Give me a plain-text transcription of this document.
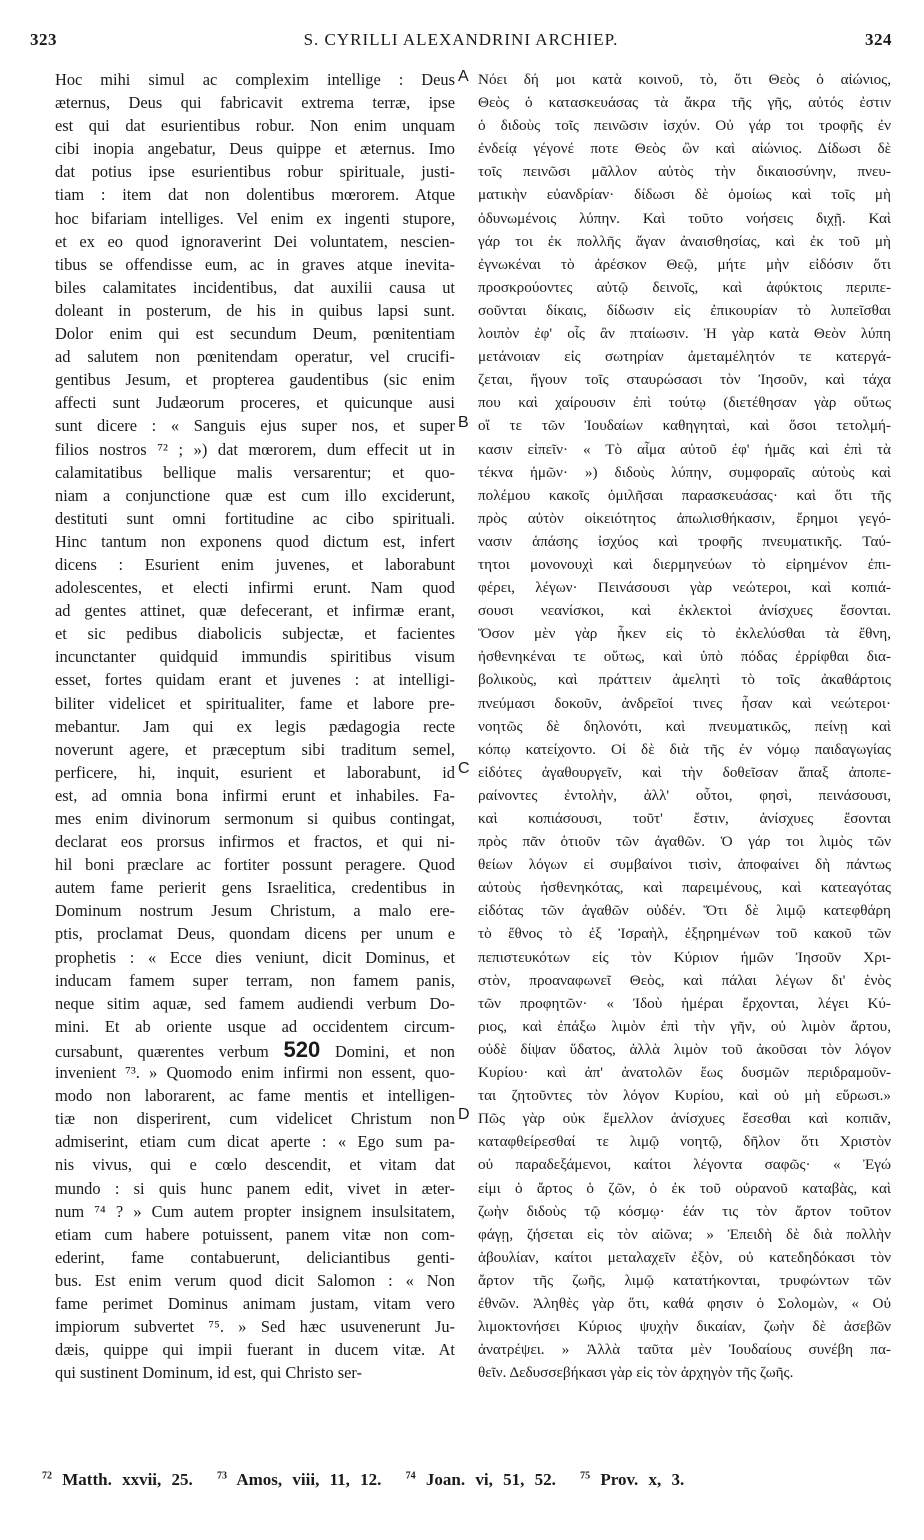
323	S. CYRILLI ALEXANDRINI ARCHIEP.	324
Hoc mihi simul ac complexim intellige : Deus
æternus, Deus qui fabricavit extrema terræ, ipse
est qui dat esurientibus robur. Non enim unquam
cibi inopia angebatur, Deus quippe et æternus. Imo
dat potius ipse esurientibus robur spirituale, justi-
tiam : item dat non dolentibus mœrorem. Atque
hoc bifariam intelliges. Vel enim ex ingenti stupore,
et ex eo quod ignoraverint Dei voluntatem, nescien-
tibus se offendisse eum, ac in graves atque inevita-
biles calamitates incidentibus, dat auxilii causa ut
doleant in posterum, de his in quibus lapsi sunt.
Dolor enim qui est secundum Deum, pœnitentiam
ad salutem non pœnitendam operatur, vel crucifi-
gentibus Jesum, et propterea gaudentibus (sic enim
affecti sunt Judæorum proceres, et quicunque ausi
sunt dicere : « Sanguis ejus super nos, et super
filios nostros ⁷² ; ») dat mœrorem, dum effecit ut in
calamitatibus bellique malis versarentur; et quo-
niam a conjunctione quæ est cum illo exciderunt,
destituti sunt omni fortitudine ac cibo spirituali.
Hinc tantum non exponens quod dictum est, infert
dicens : Esurient enim juvenes, et laborabunt
adolescentes, et electi infirmi erunt. Nam quod
ad gentes attinet, quæ defecerant, et infirmæ erant,
et sic pedibus diabolicis subjectæ, et facientes
incunctanter quidquid immundis spiritibus visum
esset, fortes quidam erant et juvenes : at intelligi-
biliter videlicet et spiritualiter, fame et labore pre-
mebantur. Jam qui ex legis pædagogia recte
noverunt agere, et præceptum sibi traditum semel,
perficere, hi, inquit, esurient et laborabunt, id
est, ad omnia bona infirmi erunt et inhabiles. Fa-
mes enim divinorum sermonum si quibus contingat,
declarat eos prorsus infirmos et fractos, et qui ni-
hil boni præclare ac fortiter possunt peragere. Quod
autem fame perierit gens Israelitica, credentibus in
Dominum nostrum Jesum Christum, a malo ere-
ptis, proclamat Deus, quondam dicens per unum e
prophetis : « Ecce dies veniunt, dicit Dominus, et
inducam famem super terram, non famem panis,
neque sitim aquæ, sed famem audiendi verbum Do-
mini. Et ab oriente usque ad occidentem circum-
cursabunt, quærentes verbum 520 Domini, et non
invenient ⁷³. » Quomodo enim infirmi non essent, quo-
modo non laborarent, ac fame mentis et intelligen-
tiæ non disperirent, cum videlicet Christum non
admiserint, etiam cum dicat aperte : « Ego sum pa-
nis vivus, qui e cœlo descendit, et vitam dat
mundo : si quis hunc panem edit, vivet in æter-
num ⁷⁴ ? » Cum autem propter insignem insulsitatem,
etiam cum habere potuissent, panem vitæ non com-
ederint, fame contabuerunt, deliciantibus genti-
bus. Est enim verum quod dicit Salomon : « Non
fame perimet Dominus animam justam, vitam vero
impiorum subvertet ⁷⁵. » Sed hæc usuvenerunt Ju-
dæis, quippe qui impii fuerant in ducem vitæ. At
qui sustinent Dominum, id est, qui Christo ser-
Νόει δή μοι κατὰ κοινοῦ, τὸ, ὅτι Θεὸς ὁ αἰώνιος,
Θεὸς ὁ κατασκευάσας τὰ ἄκρα τῆς γῆς, αὐτός ἐστιν
ὁ διδοὺς τοῖς πεινῶσιν ἰσχύν. Οὐ γάρ τοι τροφῆς ἐν
ἐνδείᾳ γέγονέ ποτε Θεὸς ὢν καὶ αἰώνιος. Δίδωσι δὲ
τοῖς πεινῶσι μᾶλλον αὐτὸς τὴν δικαιοσύνην, πνευ-
ματικὴν εὐανδρίαν· δίδωσι δὲ ὁμοίως καὶ τοῖς μὴ
ὀδυνωμένοις λύπην. Καὶ τοῦτο νοήσεις διχῇ. Καὶ
γάρ τοι ἐκ πολλῆς ἄγαν ἀναισθησίας, καὶ ἐκ τοῦ μὴ
ἐγνωκέναι τὸ ἀρέσκον Θεῷ, μήτε μὴν εἰδόσιν ὅτι
προσκρούοντες αὐτῷ δεινοῖς, καὶ ἀφύκτοις περιπε-
σοῦνται δίκαις, δίδωσιν εἰς ἐπικουρίαν τὸ λυπεῖσθαι
λοιπὸν ἐφ' οἷς ἂν πταίωσιν. Ἡ γὰρ κατὰ Θεὸν λύπη
μετάνοιαν εἰς σωτηρίαν ἀμεταμέλητόν τε κατεργά-
ζεται, ἤγουν τοῖς σταυρώσασι τὸν Ἰησοῦν, καὶ τάχα
που καὶ χαίρουσιν ἐπὶ τούτῳ (διετέθησαν γὰρ οὕτως
οἵ τε τῶν Ἰουδαίων καθηγηταὶ, καὶ ὅσοι τετολμή-
κασιν εἰπεῖν· « Τὸ αἷμα αὐτοῦ ἐφ' ἡμᾶς καὶ ἐπὶ τὰ
τέκνα ἡμῶν· ») διδοὺς λύπην, συμφοραῖς αὐτοὺς καὶ
πολέμου κακοῖς ὁμιλῆσαι παρασκευάσας· καὶ ὅτι τῆς
πρὸς αὐτὸν οἰκειότητος ἀπωλισθήκασιν, ἔρημοι γεγό-
νασιν ἁπάσης ἰσχύος καὶ τροφῆς πνευματικῆς. Ταύ-
τητοι μονονουχὶ καὶ διερμηνεύων τὸ εἰρημένον ἐπι-
φέρει, λέγων· Πεινάσουσι γὰρ νεώτεροι, καὶ κοπιά-
σουσι νεανίσκοι, καὶ ἐκλεκτοὶ ἀνίσχυες ἔσονται.
Ὅσον μὲν γὰρ ἧκεν εἰς τὸ ἐκλελύσθαι τὰ ἔθνη,
ἠσθενηκέναι τε οὕτως, καὶ ὑπὸ πόδας ἐρρίφθαι δια-
βολικοὺς, καὶ πράττειν ἀμελητὶ τὸ τοῖς ἀκαθάρτοις
πνεύμασι δοκοῦν, ἀνδρεῖοί τινες ἦσαν καὶ νεώτεροι·
νοητῶς δὲ δηλονότι, καὶ πνευματικῶς, πείνῃ καὶ
κόπῳ κατείχοντο. Οἱ δὲ διὰ τῆς ἐν νόμῳ παιδαγωγίας
εἰδότες ἀγαθουργεῖν, καὶ τὴν δοθεῖσαν ἅπαξ ἀποπε-
ραίνοντες ἐντολὴν, ἀλλ' οὗτοι, φησὶ, πεινάσουσι,
καὶ κοπιάσουσι, τοῦτ' ἔστιν, ἀνίσχυες ἔσονται
πρὸς πᾶν ὁτιοῦν τῶν ἀγαθῶν. Ὁ γάρ τοι λιμὸς τῶν
θείων λόγων εἰ συμβαίνοι τισὶν, ἀποφαίνει δὴ πάντως
αὐτοὺς ἠσθενηκότας, καὶ παρειμένους, καὶ κατεαγότας
εἰδότας τῶν ἀγαθῶν οὐδέν. Ὅτι δὲ λιμῷ κατεφθάρη
τὸ ἔθνος τὸ ἐξ Ἰσραὴλ, ἐξηρημένων τοῦ κακοῦ τῶν
πεπιστευκότων εἰς τὸν Κύριον ἡμῶν Ἰησοῦν Χρι-
στὸν, προαναφωνεῖ Θεὸς, καὶ πάλαι λέγων δι' ἑνὸς
τῶν προφητῶν· « Ἰδοὺ ἡμέραι ἔρχονται, λέγει Κύ-
ριος, καὶ ἐπάξω λιμὸν ἐπὶ τὴν γῆν, οὐ λιμὸν ἄρτου,
οὐδὲ δίψαν ὕδατος, ἀλλὰ λιμὸν τοῦ ἀκοῦσαι τὸν λόγον
Κυρίου· καὶ ἀπ' ἀνατολῶν ἕως δυσμῶν περιδραμοῦν-
ται ζητοῦντες τὸν λόγον Κυρίου, καὶ οὐ μὴ εὕρωσι.»
Πῶς γὰρ οὐκ ἔμελλον ἀνίσχυες ἔσεσθαι καὶ κοπιᾶν,
καταφθείρεσθαί τε λιμῷ νοητῷ, δῆλον ὅτι Χριστὸν
οὐ παραδεξάμενοι, καίτοι λέγοντα σαφῶς· « Ἐγώ
εἰμι ὁ ἄρτος ὁ ζῶν, ὁ ἐκ τοῦ οὐρανοῦ καταβὰς, καὶ
ζωὴν διδοὺς τῷ κόσμῳ· ἐάν τις τὸν ἄρτον τοῦτον
φάγῃ, ζήσεται εἰς τὸν αἰῶνα; » Ἐπειδὴ δὲ διὰ πολλὴν
ἀβουλίαν, καίτοι μεταλαχεῖν ἐξὸν, οὐ κατεδηδόκασι τὸν
ἄρτον τῆς ζωῆς, λιμῷ κατατήκονται, τρυφώντων τῶν
ἐθνῶν. Ἀληθὲς γὰρ ὅτι, καθά φησιν ὁ Σολομὼν, « Οὐ
λιμοκτονήσει Κύριος ψυχὴν δικαίαν, ζωὴν δὲ ἀσεβῶν
ἀνατρέψει. » Ἀλλὰ ταῦτα μὲν Ἰουδαίους συνέβη πα-
θεῖν. Δεδυσσεβήκασι γὰρ εἰς τὸν ἀρχηγὸν τῆς ζωῆς.
A
B
C
D
$^{72}$ Matth. xxvii, 25. $^{73}$ Amos, viii, 11, 12. $^{74}$ Joan. vi, 51, 52. $^{75}$ Prov. x, 3.
